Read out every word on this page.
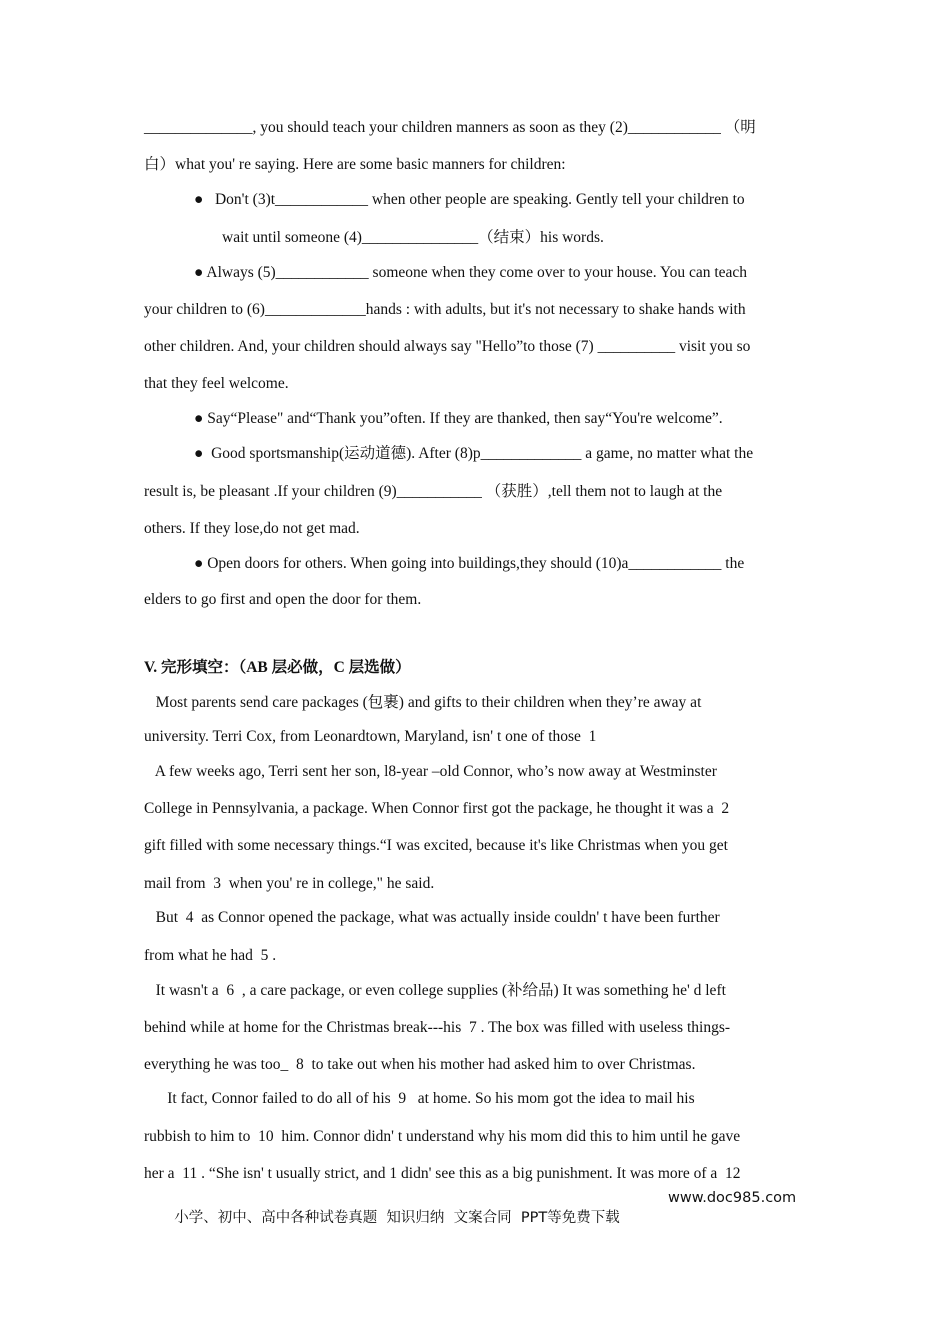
______________, you should teach your children manners as soon as they (2)____________ （明
白）what you' re saying. Here are some basic manners for children:
●   Don't (3)t____________ when other people are speaking. Gently tell your children to
wait until someone (4)_______________（结束）his words.
● Always (5)____________ someone when they come over to your house. You can teach
your children to (6)_____________hands : with adults, but it's not necessary to shake hands with
other children. And, your children should always say "Hello”to those (7) __________ visit you so
that they feel welcome.
● Say“Please" and“Thank you”often. If they are thanked, then say“You're welcome”.
●  Good sportsmanship(运动道德). After (8)p_____________ a game, no matter what the
result is, be pleasant .If your children (9)___________ （获胜）,tell them not to laugh at the
others. If they lose,do not get mad.
● Open doors for others. When going into buildings,they should (10)a____________ the
elders to go first and open the door for them.
V. 完形填空：（AB 层必做，C 层选做）
Most parents send care packages (包裹) and gifts to their children when they’re away at
university. Terri Cox, from Leonardtown, Maryland, isn' t one of those  1
A few weeks ago, Terri sent her son, l8-year –old Connor, who’s now away at Westminster
College in Pennsylvania, a package. When Connor first got the package, he thought it was a  2
gift filled with some necessary things.“I was excited, because it's like Christmas when you get
mail from  3  when you' re in college," he said.
But  4  as Connor opened the package, what was actually inside couldn' t have been further
from what he had  5 .
It wasn't a  6  , a care package, or even college supplies (补给品) It was something he' d left
behind while at home for the Christmas break---his  7 . The box was filled with useless things-
everything he was too_  8  to take out when his mother had asked him to over Christmas.
It fact, Connor failed to do all of his  9   at home. So his mom got the idea to mail his
rubbish to him to  10  him. Connor didn' t understand why his mom did this to him until he gave
her a  11 . “She isn' t usually strict, and 1 didn' see this as a big punishment. It was more of a  12

小学、初中、高中各种试卷真题  知识归纳  文案合同  PPT等免费下载

www.doc985.com
